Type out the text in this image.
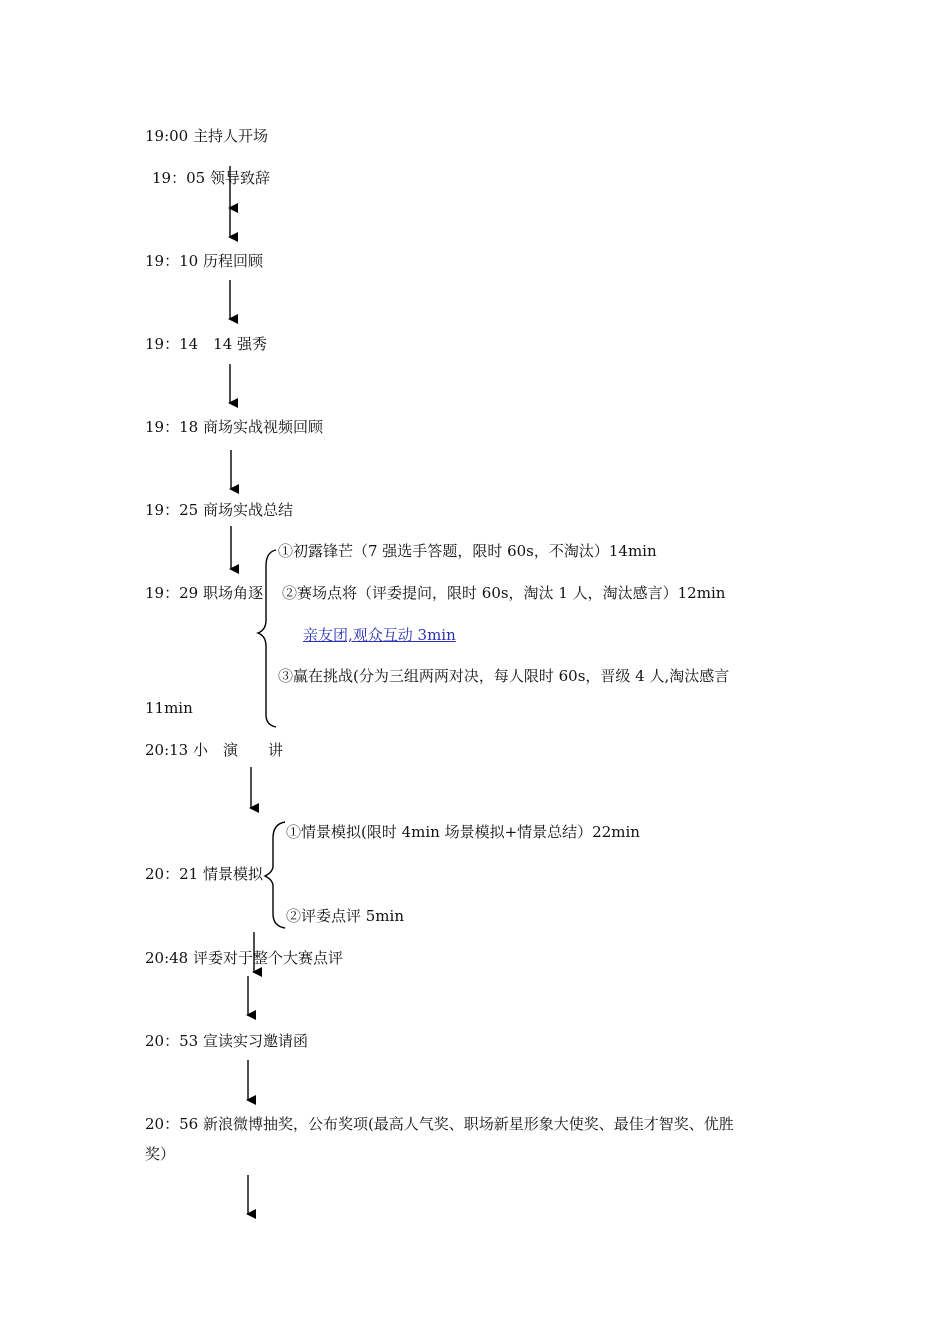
19:00 主持人开场
19：05 领导致辞
19：10 历程回顾
19：14　14 强秀
19：18 商场实战视频回顾
19：25 商场实战总结
①初露锋芒（7 强选手答题，限时 60s，不淘汰）14min
19：29 职场角逐 ②赛场点将（评委提问，限时 60s，淘汰 1 人，淘汰感言）12min
亲友团,观众互动 3min
③赢在挑战(分为三组两两对决，每人限时 60s，晋级 4 人,淘汰感言
11min
20:13 小　演　　讲
①情景模拟(限时 4min 场景模拟+情景总结）22min
20：21 情景模拟
②评委点评 5min
20:48 评委对于整个大赛点评
20：53 宣读实习邀请函
20：56 新浪微博抽奖，公布奖项(最高人气奖、职场新星形象大使奖、最佳才智奖、优胜
奖）
